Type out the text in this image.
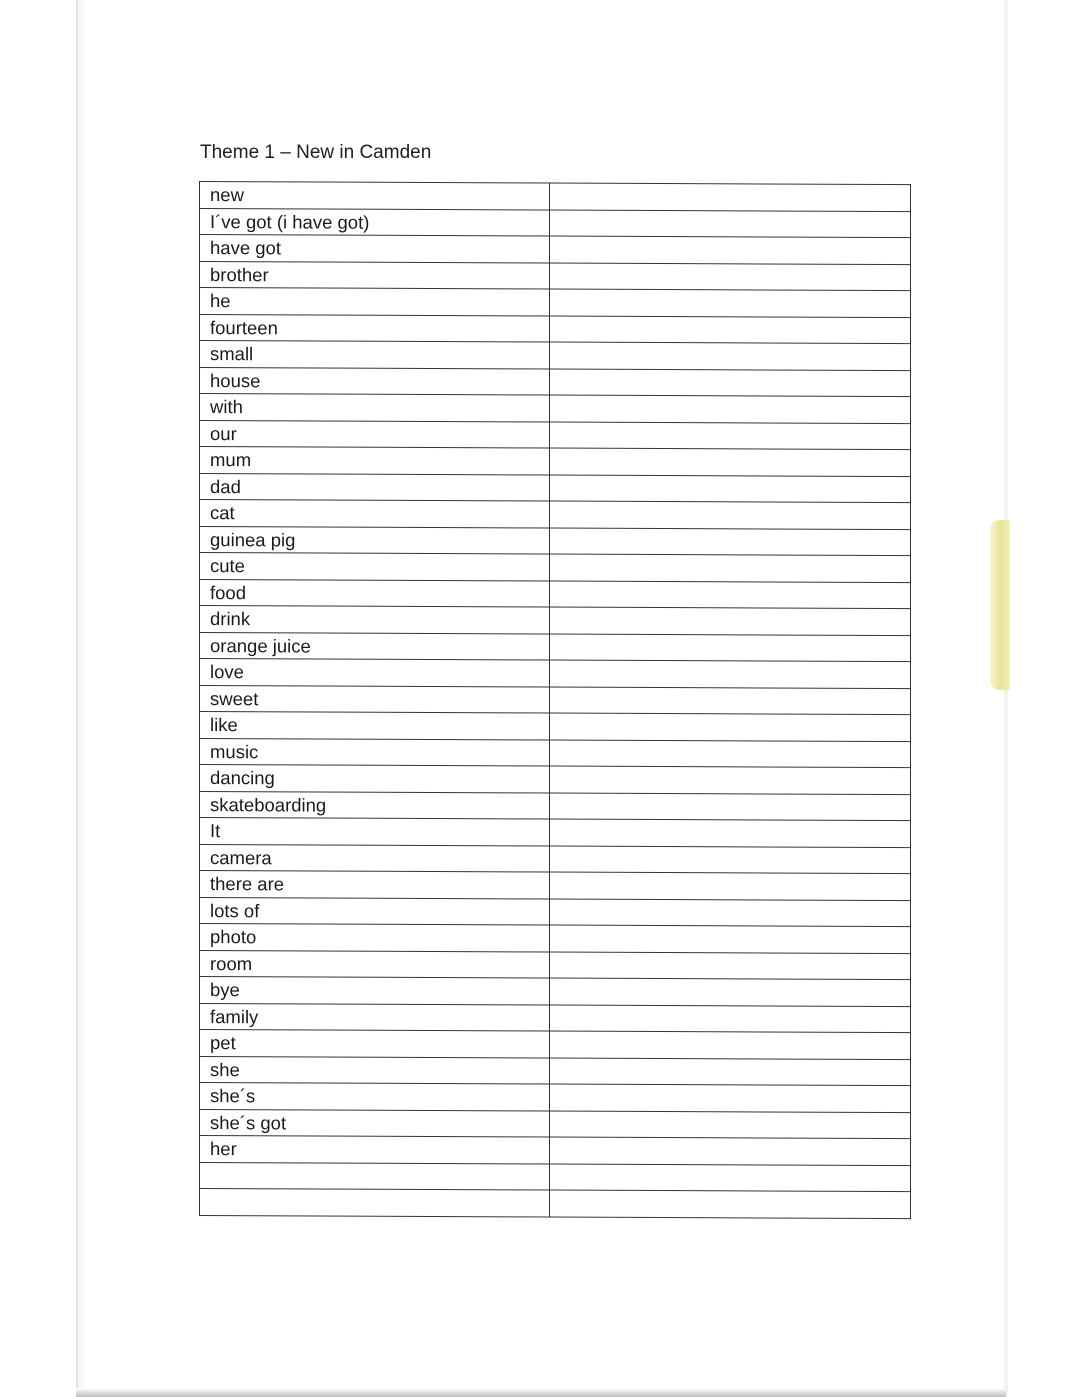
Theme 1 – New in Camden
new	
I´ve got (i have got)	
have got	
brother	
he	
fourteen	
small	
house	
with	
our	
mum	
dad	
cat	
guinea pig	
cute	
food	
drink	
orange juice	
love	
sweet	
like	
music	
dancing	
skateboarding	
It	
camera	
there are	
lots of	
photo	
room	
bye	
family	
pet	
she	
she´s	
she´s got	
her	
